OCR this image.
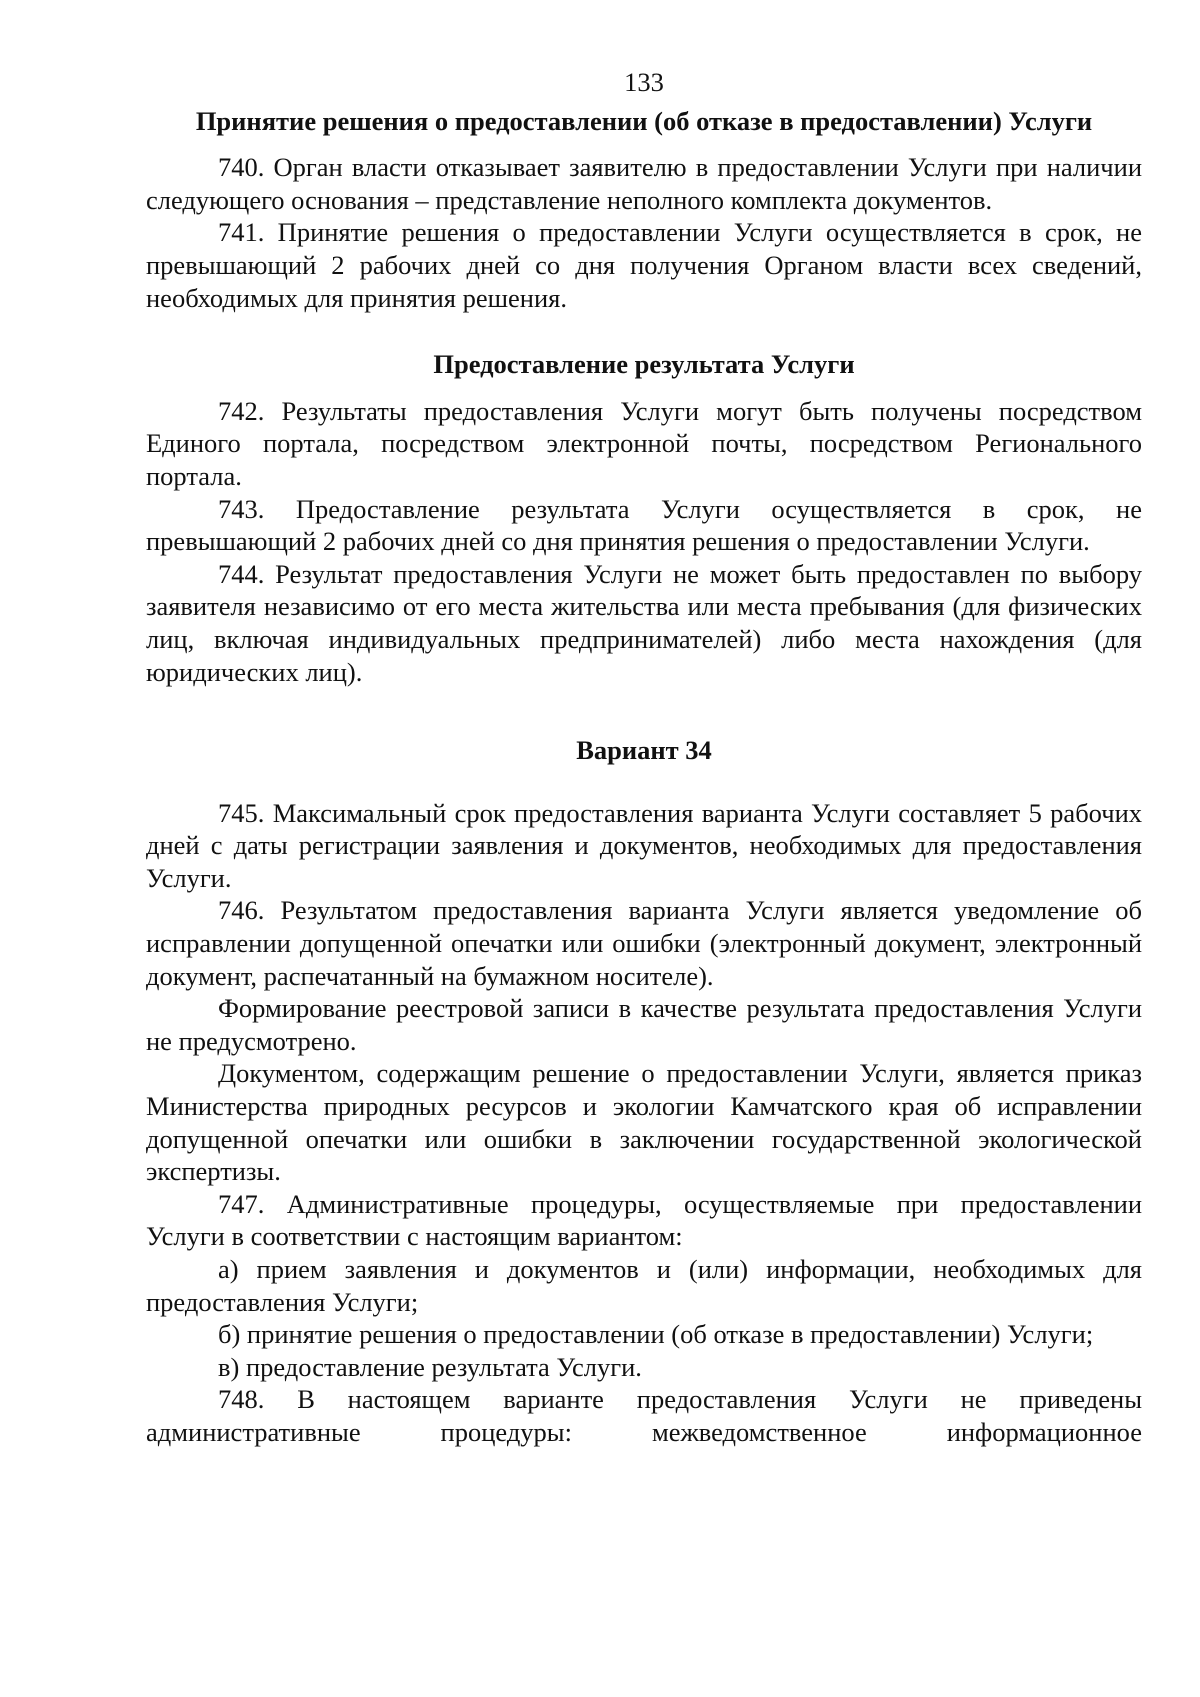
133
Принятие решения о предоставлении (об отказе в предоставлении) Услуги

740. Орган власти отказывает заявителю в предоставлении Услуги при наличии следующего основания – представление неполного комплекта документов.

741. Принятие решения о предоставлении Услуги осуществляется в срок, не превышающий 2 рабочих дней со дня получения Органом власти всех сведений, необходимых для принятия решения.

Предоставление результата Услуги

742. Результаты предоставления Услуги могут быть получены посредством Единого портала, посредством электронной почты, посредством Регионального портала.

743. Предоставление результата Услуги осуществляется в срок, не превышающий 2 рабочих дней со дня принятия решения о предоставлении Услуги.

744. Результат предоставления Услуги не может быть предоставлен по выбору заявителя независимо от его места жительства или места пребывания (для физических лиц, включая индивидуальных предпринимателей) либо места нахождения (для юридических лиц).

Вариант 34

745. Максимальный срок предоставления варианта Услуги составляет 5 рабочих дней с даты регистрации заявления и документов, необходимых для предоставления Услуги.

746. Результатом предоставления варианта Услуги является уведомление об исправлении допущенной опечатки или ошибки (электронный документ, электронный документ, распечатанный на бумажном носителе).

Формирование реестровой записи в качестве результата предоставления Услуги не предусмотрено.

Документом, содержащим решение о предоставлении Услуги, является приказ Министерства природных ресурсов и экологии Камчатского края об исправлении допущенной опечатки или ошибки в заключении государственной экологической экспертизы.

747. Административные процедуры, осуществляемые при предоставлении Услуги в соответствии с настоящим вариантом:

а) прием заявления и документов и (или) информации, необходимых для предоставления Услуги;

б) принятие решения о предоставлении (об отказе в предоставлении) Услуги;

в) предоставление результата Услуги.

748. В настоящем варианте предоставления Услуги не приведены административные процедуры: межведомственное информационное
